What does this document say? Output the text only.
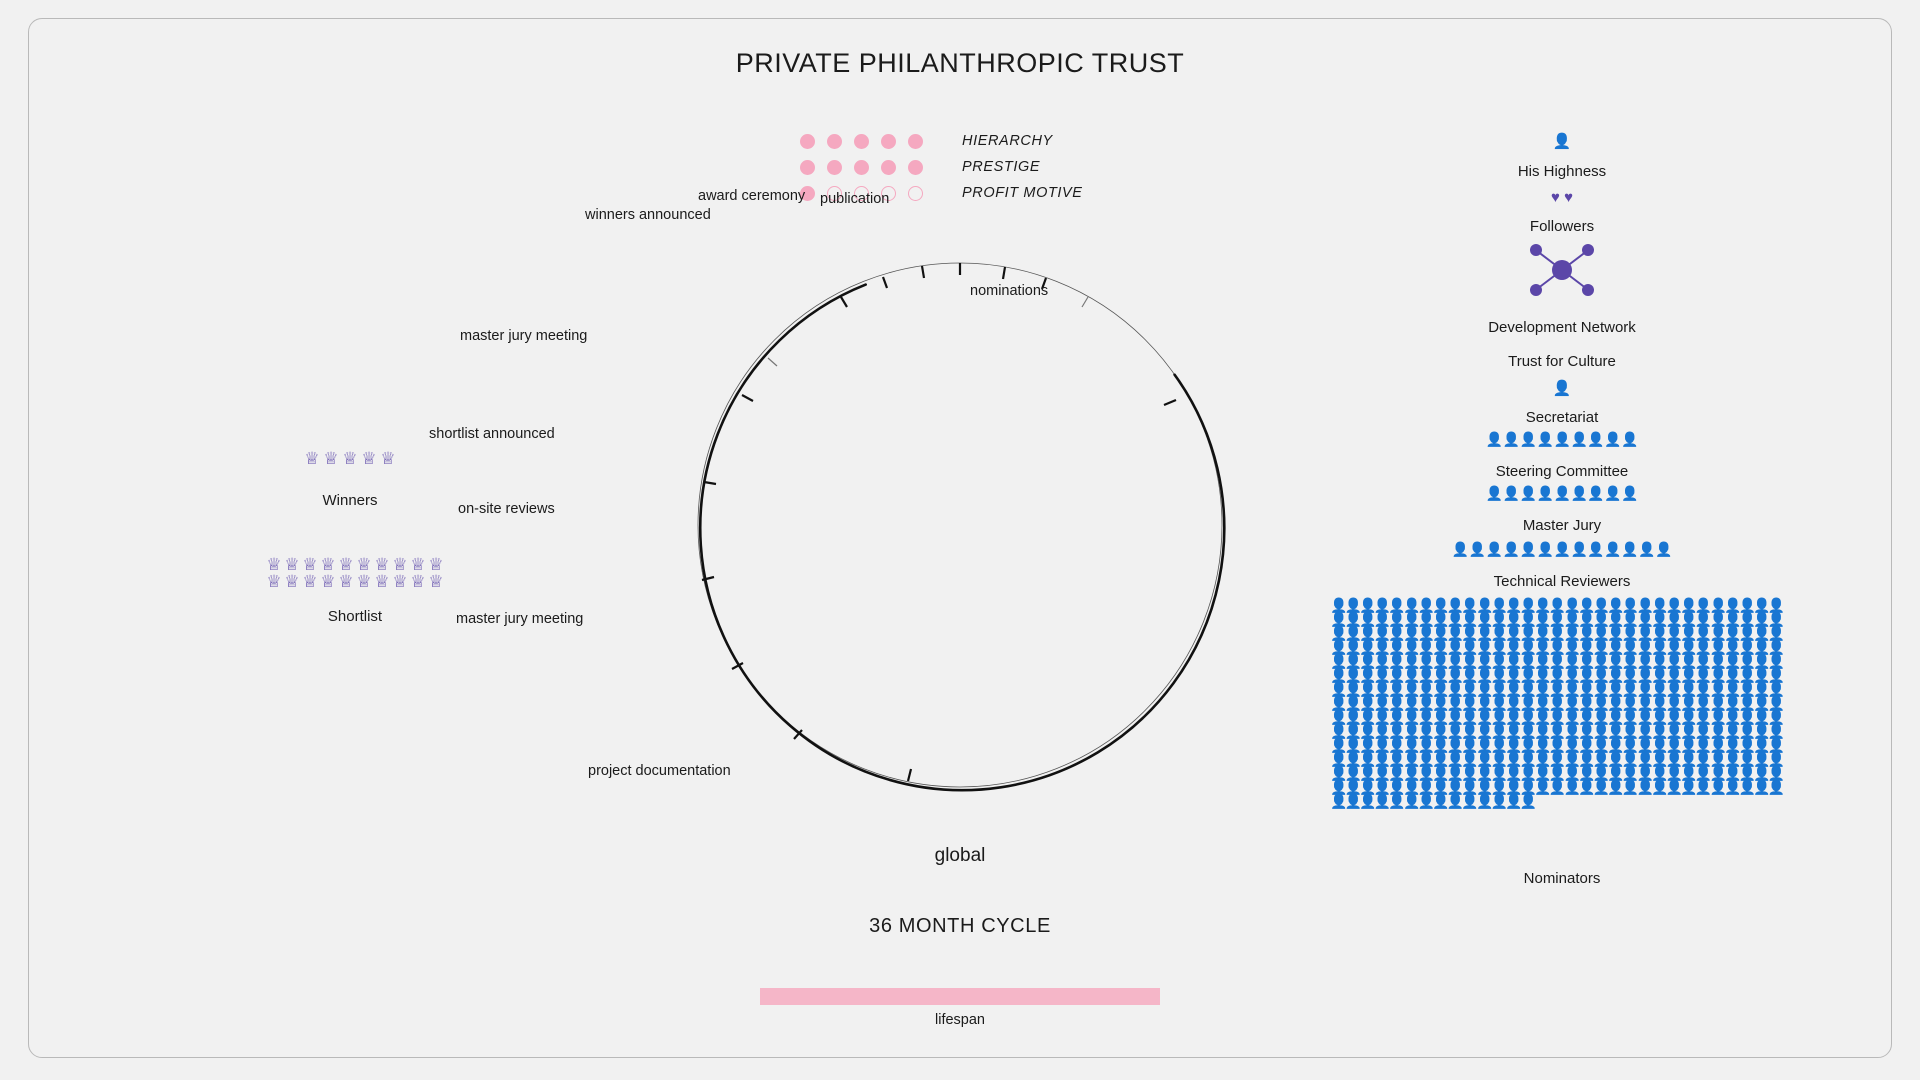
PRIVATE PHILANTHROPIC TRUST
HIERARCHY
PRESTIGE
PROFIT MOTIVE
nominations
publication
award ceremony
winners announced
master jury meeting
shortlist announced
on-site reviews
master jury meeting
project documentation
global
36 MONTH CYCLE
lifespan
♕ ♕ ♕ ♕ ♕
Winners
♕ ♕ ♕ ♕ ♕ ♕ ♕ ♕ ♕ ♕
♕ ♕ ♕ ♕ ♕ ♕ ♕ ♕ ♕ ♕
Shortlist
👤
His Highness
♥ ♥
Followers
Development Network
Trust for Culture
👤
Secretariat
👤👤👤👤👤👤👤👤👤
Steering Committee
👤👤👤👤👤👤👤👤👤
Master Jury
👤👤👤👤👤👤👤👤👤👤👤👤👤
Technical Reviewers
👤
👤
👤
👤
👤
👤
👤
👤
👤
👤
👤
👤
👤
👤
👤
👤
👤
👤
👤
👤
👤
👤
👤
👤
👤
👤
👤
👤
👤
👤
👤
👤
👤
👤
👤
👤
👤
👤
👤
👤
👤
👤
👤
👤
👤
👤
👤
👤
👤
👤
👤
👤
👤
👤
👤
👤
👤
👤
👤
👤
👤
👤
👤
👤
👤
👤
👤
👤
👤
👤
👤
👤
👤
👤
👤
👤
👤
👤
👤
👤
👤
👤
👤
👤
👤
👤
👤
👤
👤
👤
👤
👤
👤
👤
👤
👤
👤
👤
👤
👤
👤
👤
👤
👤
👤
👤
👤
👤
👤
👤
👤
👤
👤
👤
👤
👤
👤
👤
👤
👤
👤
👤
👤
👤
👤
👤
👤
👤
👤
👤
👤
👤
👤
👤
👤
👤
👤
👤
👤
👤
👤
👤
👤
👤
👤
👤
👤
👤
👤
👤
👤
👤
👤
👤
👤
👤
👤
👤
👤
👤
👤
👤
👤
👤
👤
👤
👤
👤
👤
👤
👤
👤
👤
👤
👤
👤
👤
👤
👤
👤
👤
👤
👤
👤
👤
👤
👤
👤
👤
👤
👤
👤
👤
👤
👤
👤
👤
👤
👤
👤
👤
👤
👤
👤
👤
👤
👤
👤
👤
👤
👤
👤
👤
👤
👤
👤
👤
👤
👤
👤
👤
👤
👤
👤
👤
👤
👤
👤
👤
👤
👤
👤
👤
👤
👤
👤
👤
👤
👤
👤
👤
👤
👤
👤
👤
👤
👤
👤
👤
👤
👤
👤
👤
👤
👤
👤
👤
👤
👤
👤
👤
👤
👤
👤
👤
👤
👤
👤
👤
👤
👤
👤
👤
👤
👤
👤
👤
👤
👤
👤
👤
👤
👤
👤
👤
👤
👤
👤
👤
👤
👤
👤
👤
👤
👤
👤
👤
👤
👤
👤
👤
👤
👤
👤
👤
👤
👤
👤
👤
👤
👤
👤
👤
👤
👤
👤
👤
👤
👤
👤
👤
👤
👤
👤
👤
👤
👤
👤
👤
👤
👤
👤
👤
👤
👤
👤
👤
👤
👤
👤
👤
👤
👤
👤
👤
👤
👤
👤
👤
👤
👤
👤
👤
👤
👤
👤
👤
👤
👤
👤
👤
👤
👤
👤
👤
👤
👤
👤
👤
👤
👤
👤
👤
👤
👤
👤
👤
👤
👤
👤
👤
👤
👤
👤
👤
👤
👤
👤
👤
👤
👤
👤
👤
👤
👤
👤
👤
👤
👤
👤
👤
👤
👤
👤
👤
👤
👤
👤
👤
👤
👤
👤
👤
👤
👤
👤
👤
👤
👤
👤
👤
👤
👤
👤
👤
👤
👤
👤
👤
👤
👤
👤
👤
👤
👤
👤
👤
👤
👤
👤
👤
👤
👤
👤
👤
👤
👤
👤
Nominators
